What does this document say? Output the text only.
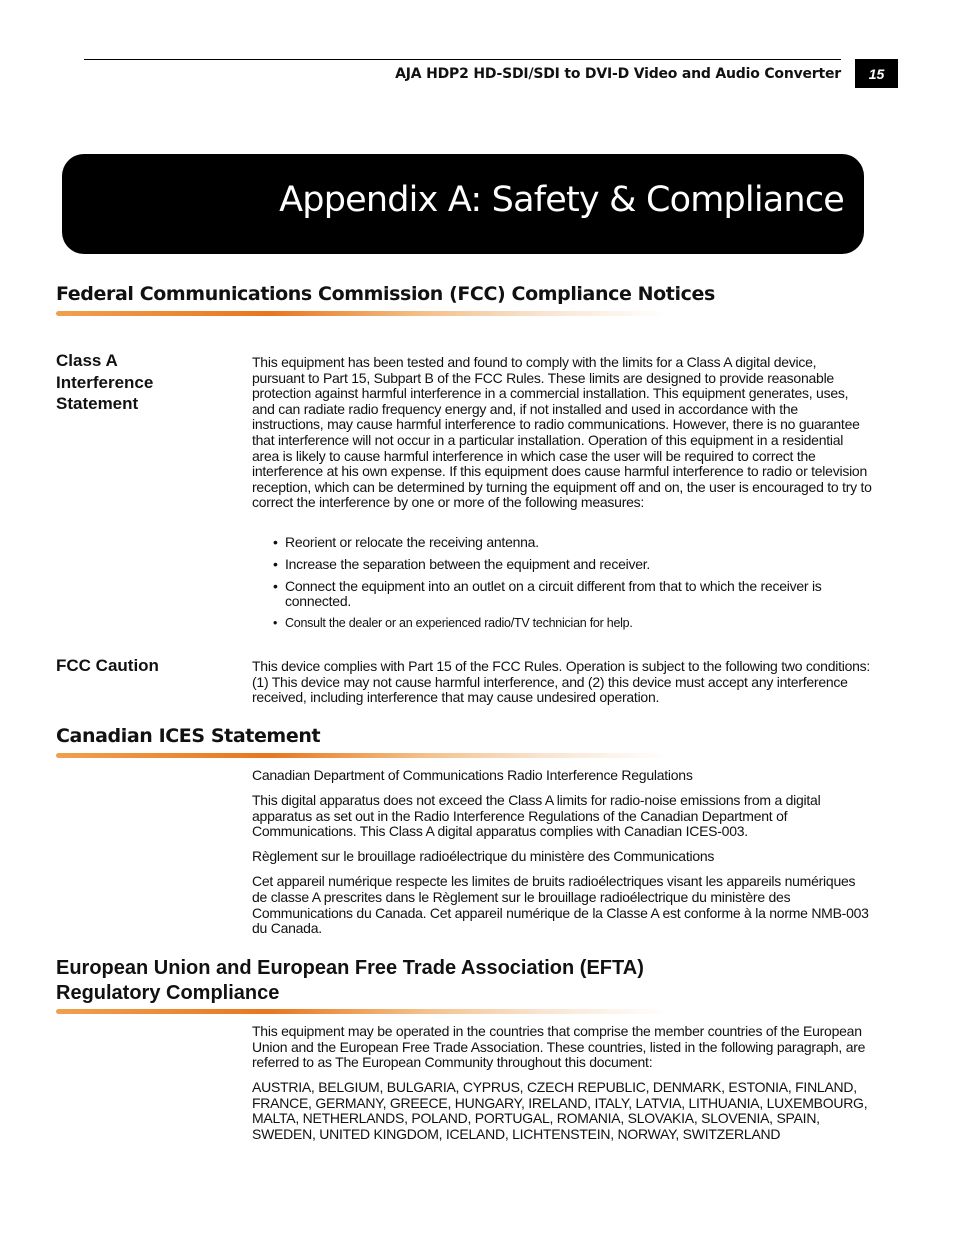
AJA HDP2 HD-SDI/SDI to DVI-D Video and Audio Converter	15
Appendix A: Safety & Compliance
Federal Communications Commission (FCC) Compliance Notices
Class A Interference Statement

This equipment has been tested and found to comply with the limits for a Class A digital device, pursuant to Part 15, Subpart B of the FCC Rules. These limits are designed to provide reasonable protection against harmful interference in a commercial installation. This equipment generates, uses, and can radiate radio frequency energy and, if not installed and used in accordance with the instructions, may cause harmful interference to radio communications. However, there is no guarantee that interference will not occur in a particular installation. Operation of this equipment in a residential area is likely to cause harmful interference in which case the user will be required to correct the interference at his own expense. If this equipment does cause harmful interference to radio or television reception, which can be determined by turning the equipment off and on, the user is encouraged to try to correct the interference by one or more of the following measures:

• Reorient or relocate the receiving antenna.
• Increase the separation between the equipment and receiver.
• Connect the equipment into an outlet on a circuit different from that to which the receiver is connected.
• Consult the dealer or an experienced radio/TV technician for help.
FCC Caution	This device complies with Part 15 of the FCC Rules. Operation is subject to the following two conditions: (1) This device may not cause harmful interference, and (2) this device must accept any interference received, including interference that may cause undesired operation.

Canadian ICES Statement

Canadian Department of Communications Radio Interference Regulations

This digital apparatus does not exceed the Class A limits for radio-noise emissions from a digital apparatus as set out in the Radio Interference Regulations of the Canadian Department of Communications. This Class A digital apparatus complies with Canadian ICES-003.

Règlement sur le brouillage radioélectrique du ministère des Communications

Cet appareil numérique respecte les limites de bruits radioélectriques visant les appareils numériques de classe A prescrites dans le Règlement sur le brouillage radioélectrique du ministère des Communications du Canada. Cet appareil numérique de la Classe A est conforme à la norme NMB-003 du Canada.

European Union and European Free Trade Association (EFTA)
Regulatory Compliance

This equipment may be operated in the countries that comprise the member countries of the European Union and the European Free Trade Association. These countries, listed in the following paragraph, are referred to as The European Community throughout this document:

AUSTRIA, BELGIUM, BULGARIA, CYPRUS, CZECH REPUBLIC, DENMARK, ESTONIA, FINLAND, FRANCE, GERMANY, GREECE, HUNGARY, IRELAND, ITALY, LATVIA, LITHUANIA, LUXEMBOURG, MALTA, NETHERLANDS, POLAND, PORTUGAL, ROMANIA, SLOVAKIA, SLOVENIA, SPAIN, SWEDEN, UNITED KINGDOM, ICELAND, LICHTENSTEIN, NORWAY, SWITZERLAND
